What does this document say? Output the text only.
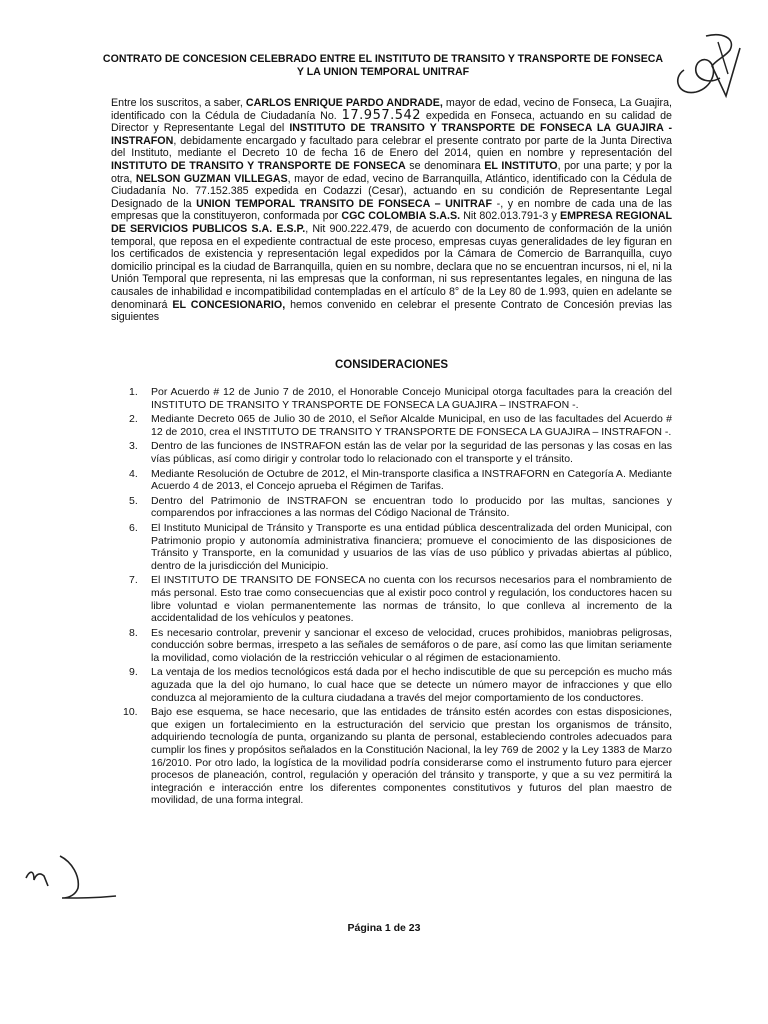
CONTRATO DE CONCESION CELEBRADO ENTRE EL INSTITUTO DE TRANSITO Y TRANSPORTE DE FONSECA Y LA UNION TEMPORAL UNITRAF
Entre los suscritos, a saber, CARLOS ENRIQUE PARDO ANDRADE, mayor de edad, vecino de Fonseca, La Guajira, identificado con la Cédula de Ciudadanía No. 17.957.542 expedida en Fonseca, actuando en su calidad de Director y Representante Legal del INSTITUTO DE TRANSITO Y TRANSPORTE DE FONSECA LA GUAJIRA - INSTRAFON, debidamente encargado y facultado para celebrar el presente contrato por parte de la Junta Directiva del Instituto, mediante el Decreto 10 de fecha 16 de Enero del 2014, quien en nombre y representación del INSTITUTO DE TRANSITO Y TRANSPORTE DE FONSECA se denominara EL INSTITUTO, por una parte; y por la otra, NELSON GUZMAN VILLEGAS, mayor de edad, vecino de Barranquilla, Atlántico, identificado con la Cédula de Ciudadanía No. 77.152.385 expedida en Codazzi (Cesar), actuando en su condición de Representante Legal Designado de la UNION TEMPORAL TRANSITO DE FONSECA – UNITRAF -, y en nombre de cada una de las empresas que la constituyeron, conformada por CGC COLOMBIA S.A.S. Nit 802.013.791-3 y EMPRESA REGIONAL DE SERVICIOS PUBLICOS S.A. E.S.P., Nit 900.222.479, de acuerdo con documento de conformación de la unión temporal, que reposa en el expediente contractual de este proceso, empresas cuyas generalidades de ley figuran en los certificados de existencia y representación legal expedidos por la Cámara de Comercio de Barranquilla, cuyo domicilio principal es la ciudad de Barranquilla, quien en su nombre, declara que no se encuentran incursos, ni el, ni la Unión Temporal que representa, ni las empresas que la conforman, ni sus representantes legales, en ninguna de las causales de inhabilidad e incompatibilidad contempladas en el artículo 8° de la Ley 80 de 1.993, quien en adelante se denominará EL CONCESIONARIO, hemos convenido en celebrar el presente Contrato de Concesión previas las siguientes
CONSIDERACIONES
1. Por Acuerdo # 12 de Junio 7 de 2010, el Honorable Concejo Municipal otorga facultades para la creación del INSTITUTO DE TRANSITO Y TRANSPORTE DE FONSECA LA GUAJIRA – INSTRAFON -.
2. Mediante Decreto 065 de Julio 30 de 2010, el Señor Alcalde Municipal, en uso de las facultades del Acuerdo # 12 de 2010, crea el INSTITUTO DE TRANSITO Y TRANSPORTE DE FONSECA LA GUAJIRA – INSTRAFON -.
3. Dentro de las funciones de INSTRAFON están las de velar por la seguridad de las personas y las cosas en las vías públicas, así como dirigir y controlar todo lo relacionado con el transporte y el tránsito.
4. Mediante Resolución de Octubre de 2012, el Min-transporte clasifica a INSTRAFORN en Categoría A. Mediante Acuerdo 4 de 2013, el Concejo aprueba el Régimen de Tarifas.
5. Dentro del Patrimonio de INSTRAFON se encuentran todo lo producido por las multas, sanciones y comparendos por infracciones a las normas del Código Nacional de Tránsito.
6. El Instituto Municipal de Tránsito y Transporte es una entidad pública descentralizada del orden Municipal, con Patrimonio propio y autonomía administrativa financiera; promueve el conocimiento de las disposiciones de Tránsito y Transporte, en la comunidad y usuarios de las vías de uso público y privadas abiertas al público, dentro de la jurisdicción del Municipio.
7. El INSTITUTO DE TRANSITO DE FONSECA no cuenta con los recursos necesarios para el nombramiento de más personal. Esto trae como consecuencias que al existir poco control y regulación, los conductores hacen su libre voluntad e violan permanentemente las normas de tránsito, lo que conlleva al incremento de la accidentalidad de los vehículos y peatones.
8. Es necesario controlar, prevenir y sancionar el exceso de velocidad, cruces prohibidos, maniobras peligrosas, conducción sobre bermas, irrespeto a las señales de semáforos o de pare, así como las que limitan seriamente la movilidad, como violación de la restricción vehicular o al régimen de estacionamiento.
9. La ventaja de los medios tecnológicos está dada por el hecho indiscutible de que su percepción es mucho más aguzada que la del ojo humano, lo cual hace que se detecte un número mayor de infracciones y que ello conduzca al mejoramiento de la cultura ciudadana a través del mejor comportamiento de los conductores.
10. Bajo ese esquema, se hace necesario, que las entidades de tránsito estén acordes con estas disposiciones, que exigen un fortalecimiento en la estructuración del servicio que prestan los organismos de tránsito, adquiriendo tecnología de punta, organizando su planta de personal, estableciendo controles adecuados para cumplir los fines y propósitos señalados en la Constitución Nacional, la ley 769 de 2002 y la Ley 1383 de Marzo 16/2010. Por otro lado, la logística de la movilidad podría considerarse como el instrumento futuro para ejercer procesos de planeación, control, regulación y operación del tránsito y transporte, y que a su vez permitirá la integración e interacción entre los diferentes componentes constitutivos y futuros del plan maestro de movilidad, de una forma integral.
Página 1 de 23
